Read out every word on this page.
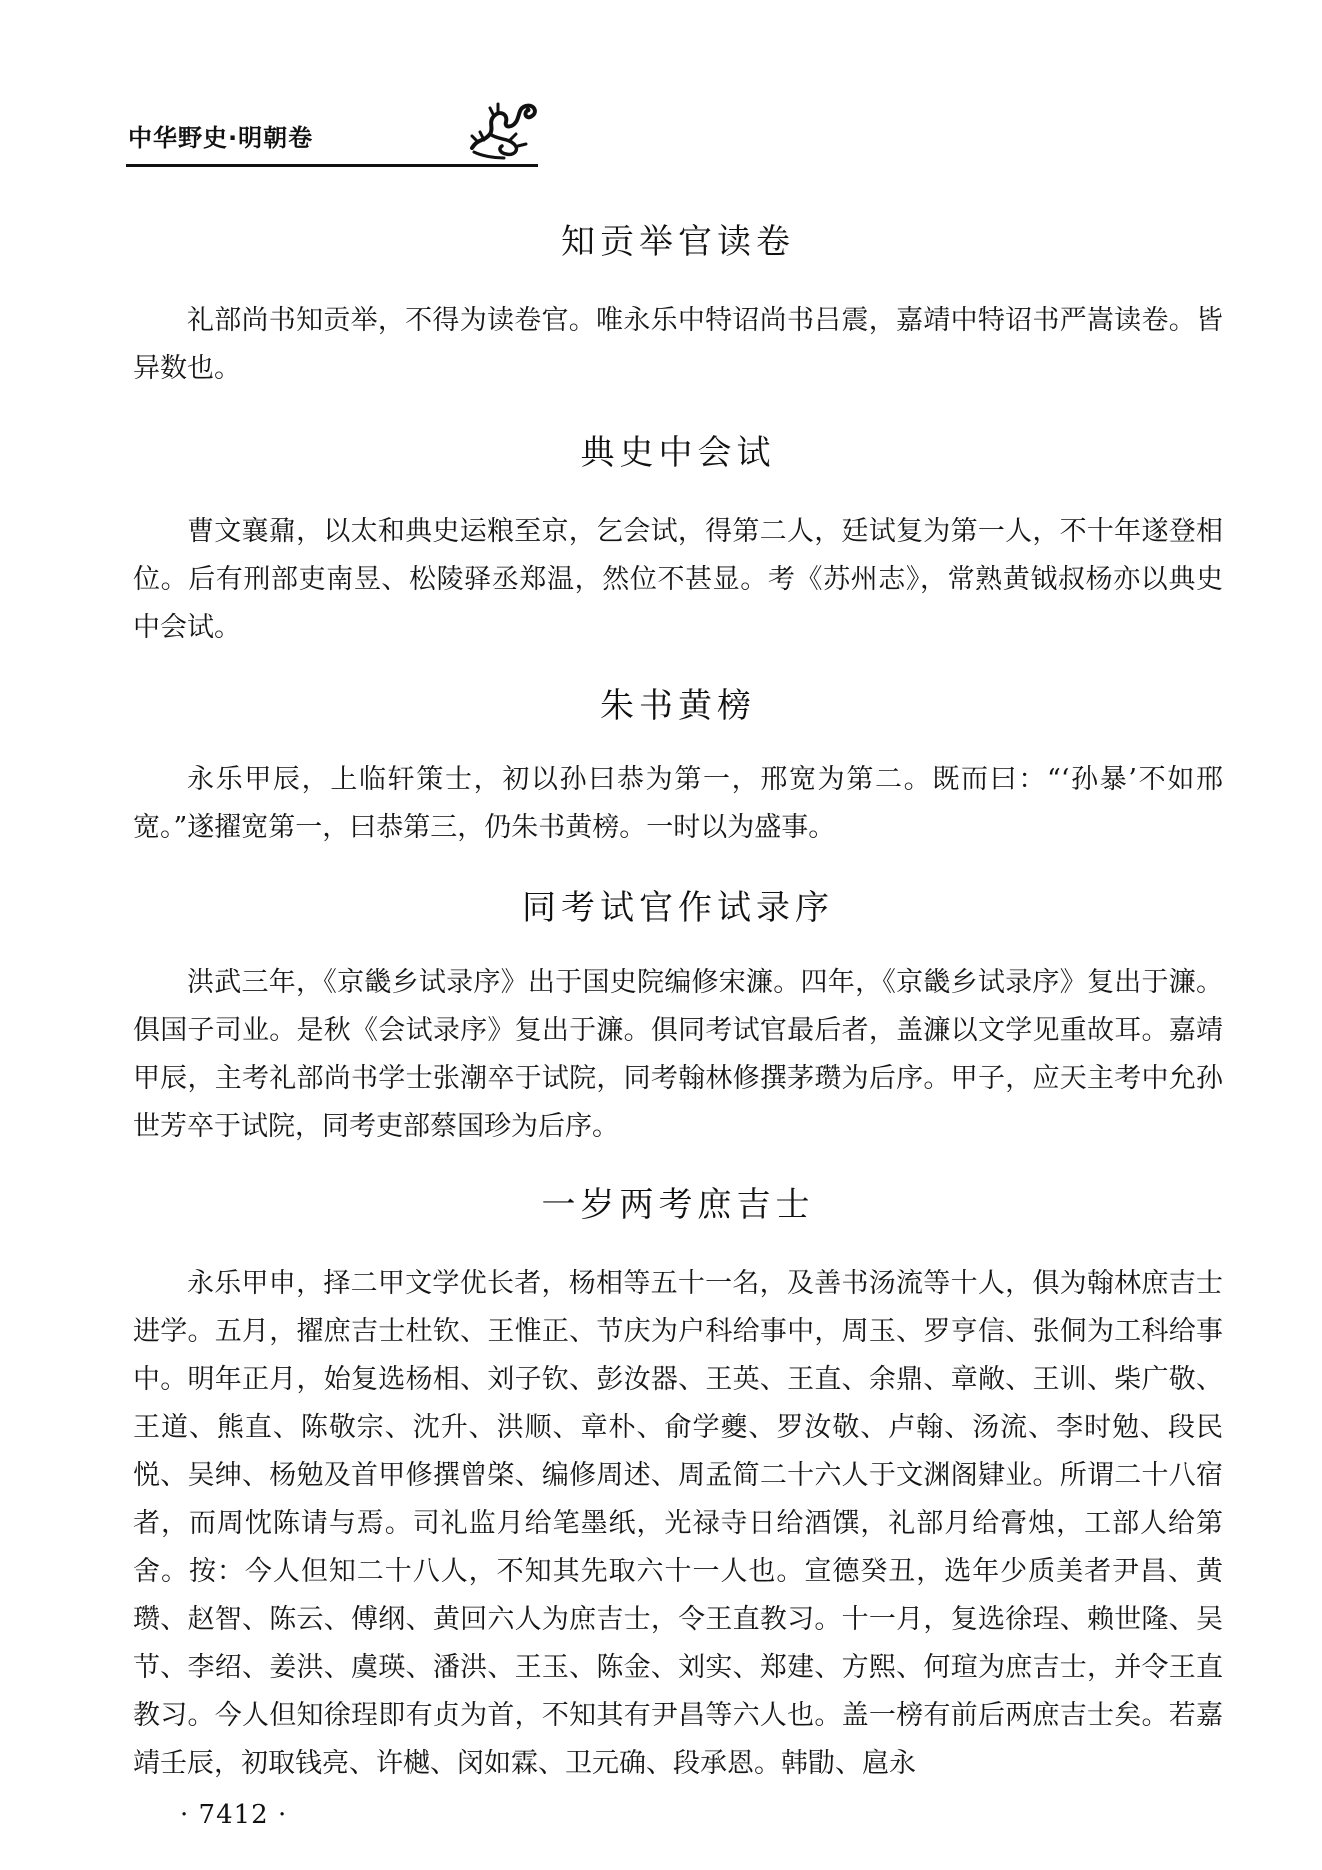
中华野史·明朝卷
知贡举官读卷

礼部尚书知贡举，不得为读卷官。唯永乐中特诏尚书吕震，嘉靖中特诏书严嵩读卷。皆异数也。

典史中会试

曹文襄鼐，以太和典史运粮至京，乞会试，得第二人，廷试复为第一人，不十年遂登相位。后有刑部吏南昱、松陵驿丞郑温，然位不甚显。考《苏州志》，常熟黄钺叔杨亦以典史中会试。

朱书黄榜

永乐甲辰，上临轩策士，初以孙曰恭为第一，邢宽为第二。既而曰：“‘孙暴’不如邢宽。”遂擢宽第一，曰恭第三，仍朱书黄榜。一时以为盛事。

同考试官作试录序

洪武三年，《京畿乡试录序》出于国史院编修宋濂。四年，《京畿乡试录序》复出于濂。俱国子司业。是秋《会试录序》复出于濂。俱同考试官最后者，盖濂以文学见重故耳。嘉靖甲辰，主考礼部尚书学士张潮卒于试院，同考翰林修撰茅瓒为后序。甲子，应天主考中允孙世芳卒于试院，同考吏部蔡国珍为后序。

一岁两考庶吉士

永乐甲申，择二甲文学优长者，杨相等五十一名，及善书汤流等十人，俱为翰林庶吉士进学。五月，擢庶吉士杜钦、王惟正、节庆为户科给事中，周玉、罗亨信、张侗为工科给事中。明年正月，始复选杨相、刘子钦、彭汝器、王英、王直、余鼎、章敞、王训、柴广敬、王道、熊直、陈敬宗、沈升、洪顺、章朴、俞学夔、罗汝敬、卢翰、汤流、李时勉、段民悦、吴绅、杨勉及首甲修撰曾棨、编修周述、周孟简二十六人于文渊阁肄业。所谓二十八宿者，而周忱陈请与焉。司礼监月给笔墨纸，光禄寺日给酒馔，礼部月给膏烛，工部人给第舍。按：今人但知二十八人，不知其先取六十一人也。宣德癸丑，选年少质美者尹昌、黄瓒、赵智、陈云、傅纲、黄回六人为庶吉士，令王直教习。十一月，复选徐珵、赖世隆、吴节、李绍、姜洪、虞瑛、潘洪、王玉、陈金、刘实、郑建、方熙、何瑄为庶吉士，并令王直教习。今人但知徐珵即有贞为首，不知其有尹昌等六人也。盖一榜有前后两庶吉士矣。若嘉靖壬辰，初取钱亮、许樾、闵如霖、卫元确、段承恩。韩勖、扈永

· 7412 ·
